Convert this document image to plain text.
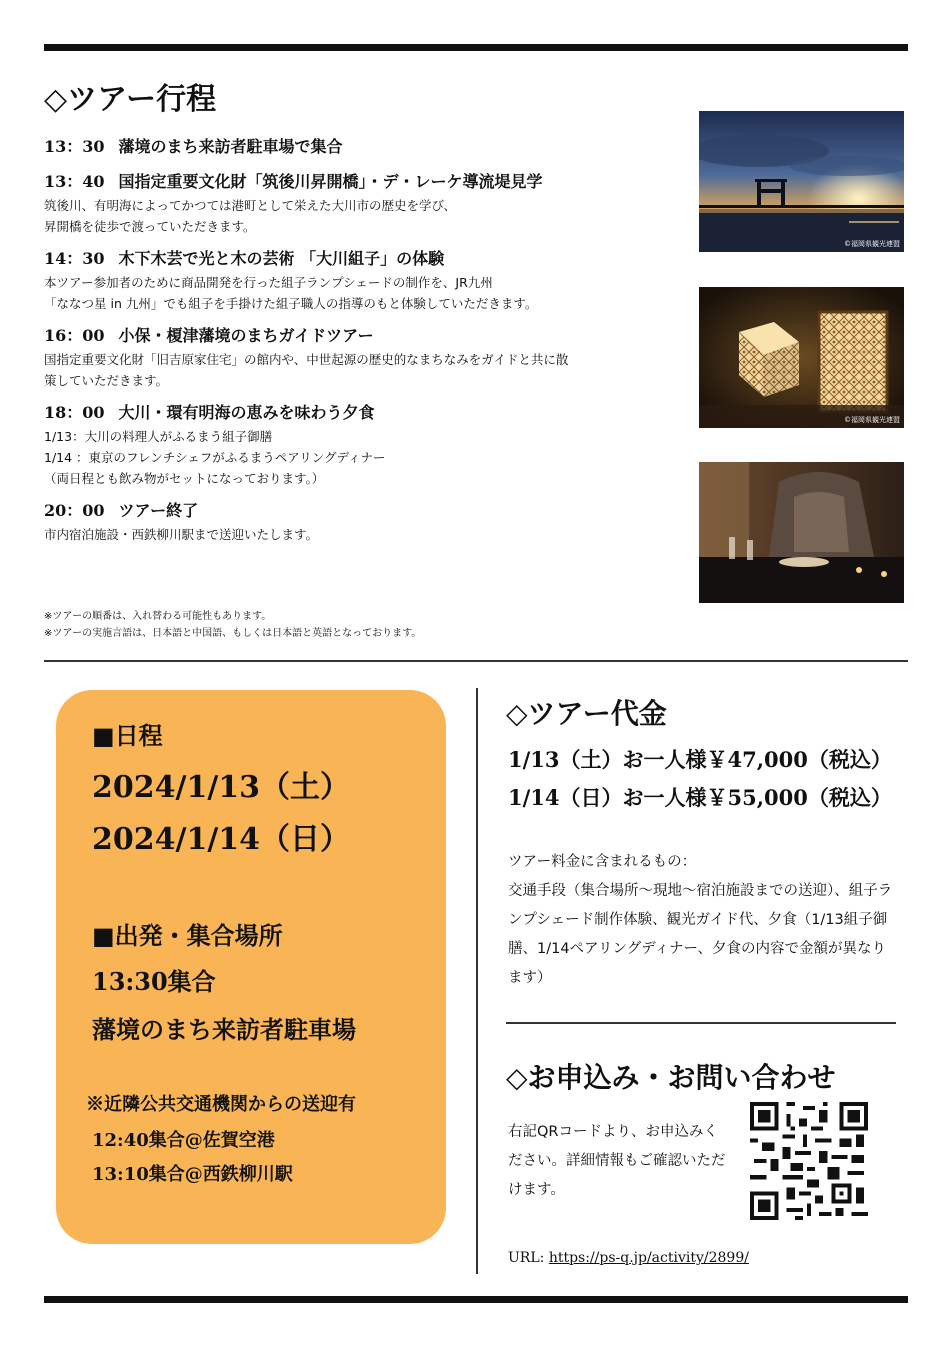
◇ツアー行程
13：30 藩境のまち来訪者駐車場で集合
13：40 国指定重要文化財「筑後川昇開橋」・デ・レーケ導流堤見学
筑後川、有明海によってかつては港町として栄えた大川市の歴史を学び、
昇開橋を徒歩で渡っていただきます。
14：30 木下木芸で光と木の芸術 「大川組子」の体験
本ツアー参加者のために商品開発を行った組子ランプシェードの制作を、JR九州
「ななつ星 in 九州」でも組子を手掛けた組子職人の指導のもと体験していただきます。
16：00 小保・榎津藩境のまちガイドツアー
国指定重要文化財「旧吉原家住宅」の館内や、中世起源の歴史的なまちなみをガイドと共に散
策していただきます。
18：00 大川・環有明海の恵みを味わう夕食
1/13：大川の料理人がふるまう組子御膳
1/14 ：東京のフレンチシェフがふるまうペアリングディナー
（両日程とも飲み物がセットになっております。）
20：00 ツアー終了
市内宿泊施設・西鉄柳川駅まで送迎いたします。
※ツアーの順番は、入れ替わる可能性もあります。
※ツアーの実施言語は、日本語と中国語、もしくは日本語と英語となっております。
©福岡県観光連盟
©福岡県観光連盟
■日程
2024/1/13（土）
2024/1/14（日）
■出発・集合場所
13:30集合
藩境のまち来訪者駐車場
※近隣公共交通機関からの送迎有
12:40集合@佐賀空港
13:10集合@西鉄柳川駅
◇ツアー代金
1/13（土）お一人様￥47,000（税込）
1/14（日）お一人様￥55,000（税込）
ツアー料金に含まれるもの：
交通手段（集合場所～現地～宿泊施設までの送迎）、組子ランプシェード制作体験、観光ガイド代、夕食（1/13組子御膳、1/14ペアリングディナー、夕食の内容で金額が異なります）
◇お申込み・お問い合わせ
右記QRコードより、お申込みください。詳細情報もご確認いただけます。
URL: https://ps-q.jp/activity/2899/
